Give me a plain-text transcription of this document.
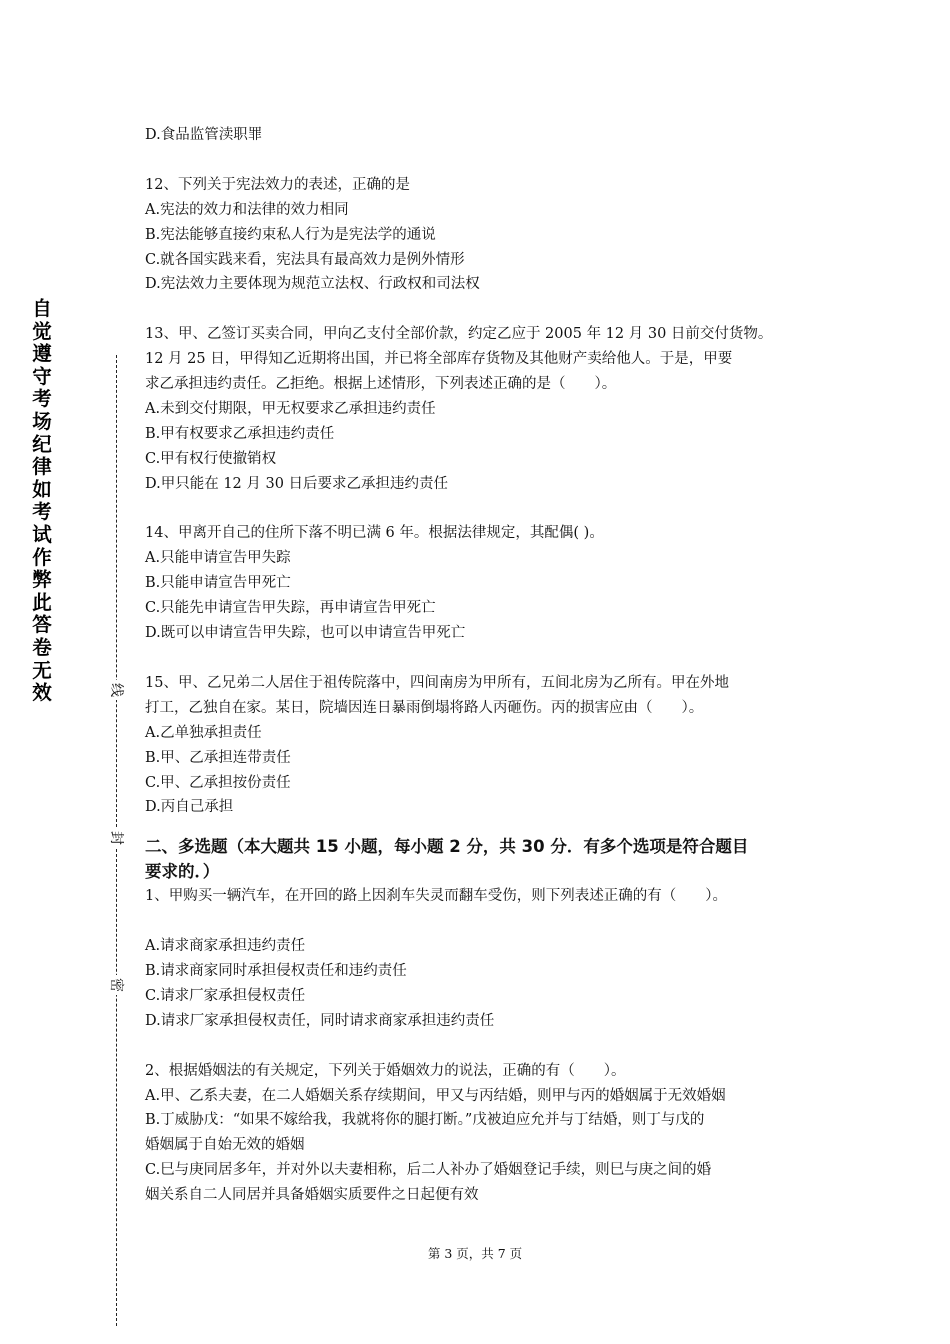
自觉遵守考场纪律如考试作弊此答卷无效	线
封
密
D.食品监管渎职罪
12、下列关于宪法效力的表述，正确的是
A.宪法的效力和法律的效力相同
B.宪法能够直接约束私人行为是宪法学的通说
C.就各国实践来看，宪法具有最高效力是例外情形
D.宪法效力主要体现为规范立法权、行政权和司法权
13、甲、乙签订买卖合同，甲向乙支付全部价款，约定乙应于 2005 年 12 月 30 日前交付货物。
12 月 25 日，甲得知乙近期将出国，并已将全部库存货物及其他财产卖给他人。于是，甲要
求乙承担违约责任。乙拒绝。根据上述情形，下列表述正确的是（　　）。
A.未到交付期限，甲无权要求乙承担违约责任
B.甲有权要求乙承担违约责任
C.甲有权行使撤销权
D.甲只能在 12 月 30 日后要求乙承担违约责任
14、甲离开自己的住所下落不明已满 6 年。根据法律规定，其配偶( )。
A.只能申请宣告甲失踪
B.只能申请宣告甲死亡
C.只能先申请宣告甲失踪，再申请宣告甲死亡
D.既可以申请宣告甲失踪，也可以申请宣告甲死亡
15、甲、乙兄弟二人居住于祖传院落中，四间南房为甲所有，五间北房为乙所有。甲在外地
打工，乙独自在家。某日，院墙因连日暴雨倒塌将路人丙砸伤。丙的损害应由（　　）。
A.乙单独承担责任
B.甲、乙承担连带责任
C.甲、乙承担按份责任
D.丙自己承担
二、多选题（本大题共 15 小题，每小题 2 分，共 30 分．有多个选项是符合题目
要求的．）
1、甲购买一辆汽车，在开回的路上因刹车失灵而翻车受伤，则下列表述正确的有（　　）。
A.请求商家承担违约责任
B.请求商家同时承担侵权责任和违约责任
C.请求厂家承担侵权责任
D.请求厂家承担侵权责任，同时请求商家承担违约责任
2、根据婚姻法的有关规定，下列关于婚姻效力的说法，正确的有（　　）。
A.甲、乙系夫妻，在二人婚姻关系存续期间，甲又与丙结婚，则甲与丙的婚姻属于无效婚姻
B.丁威胁戊：“如果不嫁给我，我就将你的腿打断。”戊被迫应允并与丁结婚，则丁与戊的
婚姻属于自始无效的婚姻
C.巳与庚同居多年，并对外以夫妻相称，后二人补办了婚姻登记手续，则巳与庚之间的婚
姻关系自二人同居并具备婚姻实质要件之日起便有效
第 3 页，共 7 页
